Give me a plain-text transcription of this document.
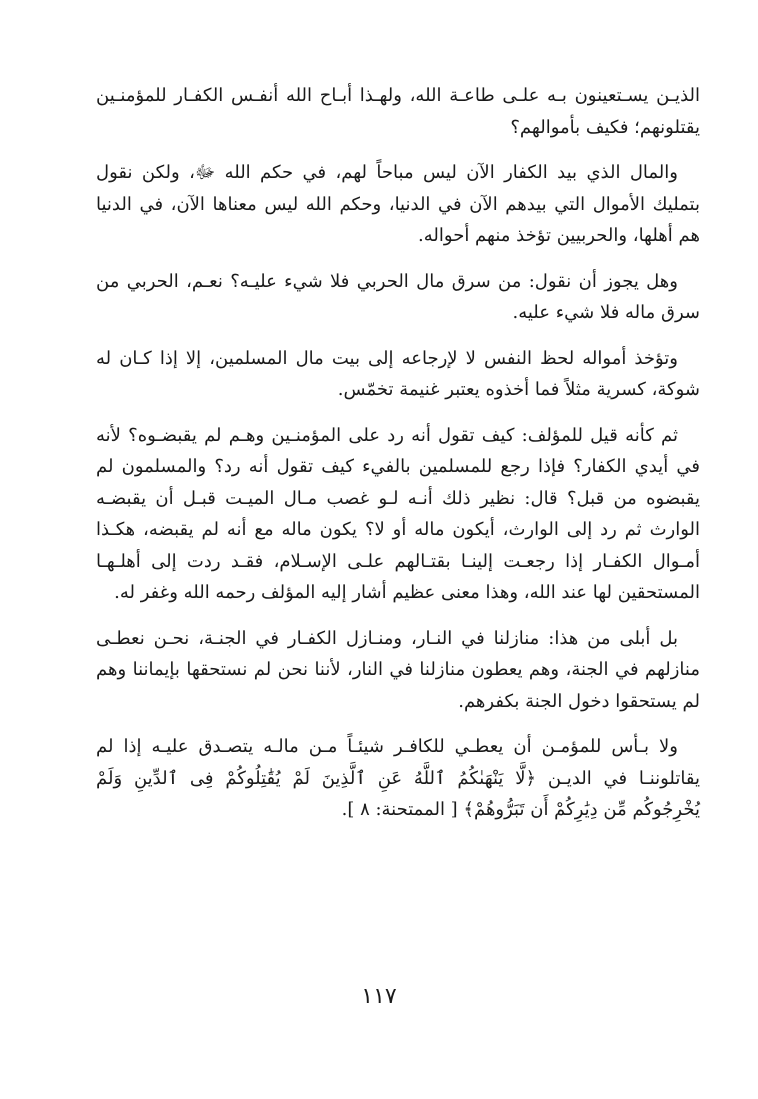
الذيـن يسـتعينون بـه علـى طاعـة الله، ولهـذا أبـاح الله أنفـس الكفـار للمؤمنـين يقتلونهم؛ فكيف بأموالهم؟

والمال الذي بيد الكفار الآن ليس مباحاً لهم، في حكم الله ﷻ، ولكن نقول بتمليك الأموال التي بيدهم الآن في الدنيا، وحكم الله ليس معناها الآن، في الدنيا هم أهلها، والحربيين تؤخذ منهم أحواله.

وهل يجوز أن نقول: من سرق مال الحربي فلا شيء عليـه؟ نعـم، الحربي من سرق ماله فلا شيء عليه.

وتؤخذ أمواله لحظ النفس لا لإرجاعه إلى بيت مال المسلمين، إلا إذا كـان له شوكة، كسرية مثلاً فما أخذوه يعتبر غنيمة تخمّس.

ثم كأنه قيل للمؤلف: كيف تقول أنه رد على المؤمنـين وهـم لم يقبضـوه؟ لأنه في أيدي الكفار؟ فإذا رجع للمسلمين بالفيء كيف تقول أنه رد؟ والمسلمون لم يقبضوه من قبل؟ قال: نظير ذلك أنـه لـو غصب مـال الميـت قبـل أن يقبضـه الوارث ثم رد إلى الوارث، أيكون ماله أو لا؟ يكون ماله مع أنه لم يقبضه، هكـذا أمـوال الكفـار إذا رجعـت إلينـا بقتـالهم علـى الإسـلام، فقـد ردت إلى أهلـهـا المستحقين لها عند الله، وهذا معنى عظيم أشار إليه المؤلف رحمه الله وغفر له.

بل أبلى من هذا: منازلنا في النـار، ومنـازل الكفـار في الجنـة، نحـن نعطـى منازلهم في الجنة، وهم يعطون منازلنا في النار، لأننا نحن لم نستحقها بإيماننا وهم لم يستحقوا دخول الجنة بكفرهم.

ولا بـأس للمؤمـن أن يعطـي للكافـر شيئـاً مـن مالـه يتصـدق عليـه إذا لم يقاتلوننـا في الديـن ﴿لَّا يَنْهَىٰكُمُ ٱللَّهُ عَنِ ٱلَّذِينَ لَمْ يُقَٰتِلُوكُمْ فِى ٱلدِّينِ وَلَمْ يُخْرِجُوكُم مِّن دِيَٰرِكُمْ أَن تَبَرُّوهُمْ﴾ [ الممتحنة: ٨ ].

١١٧
